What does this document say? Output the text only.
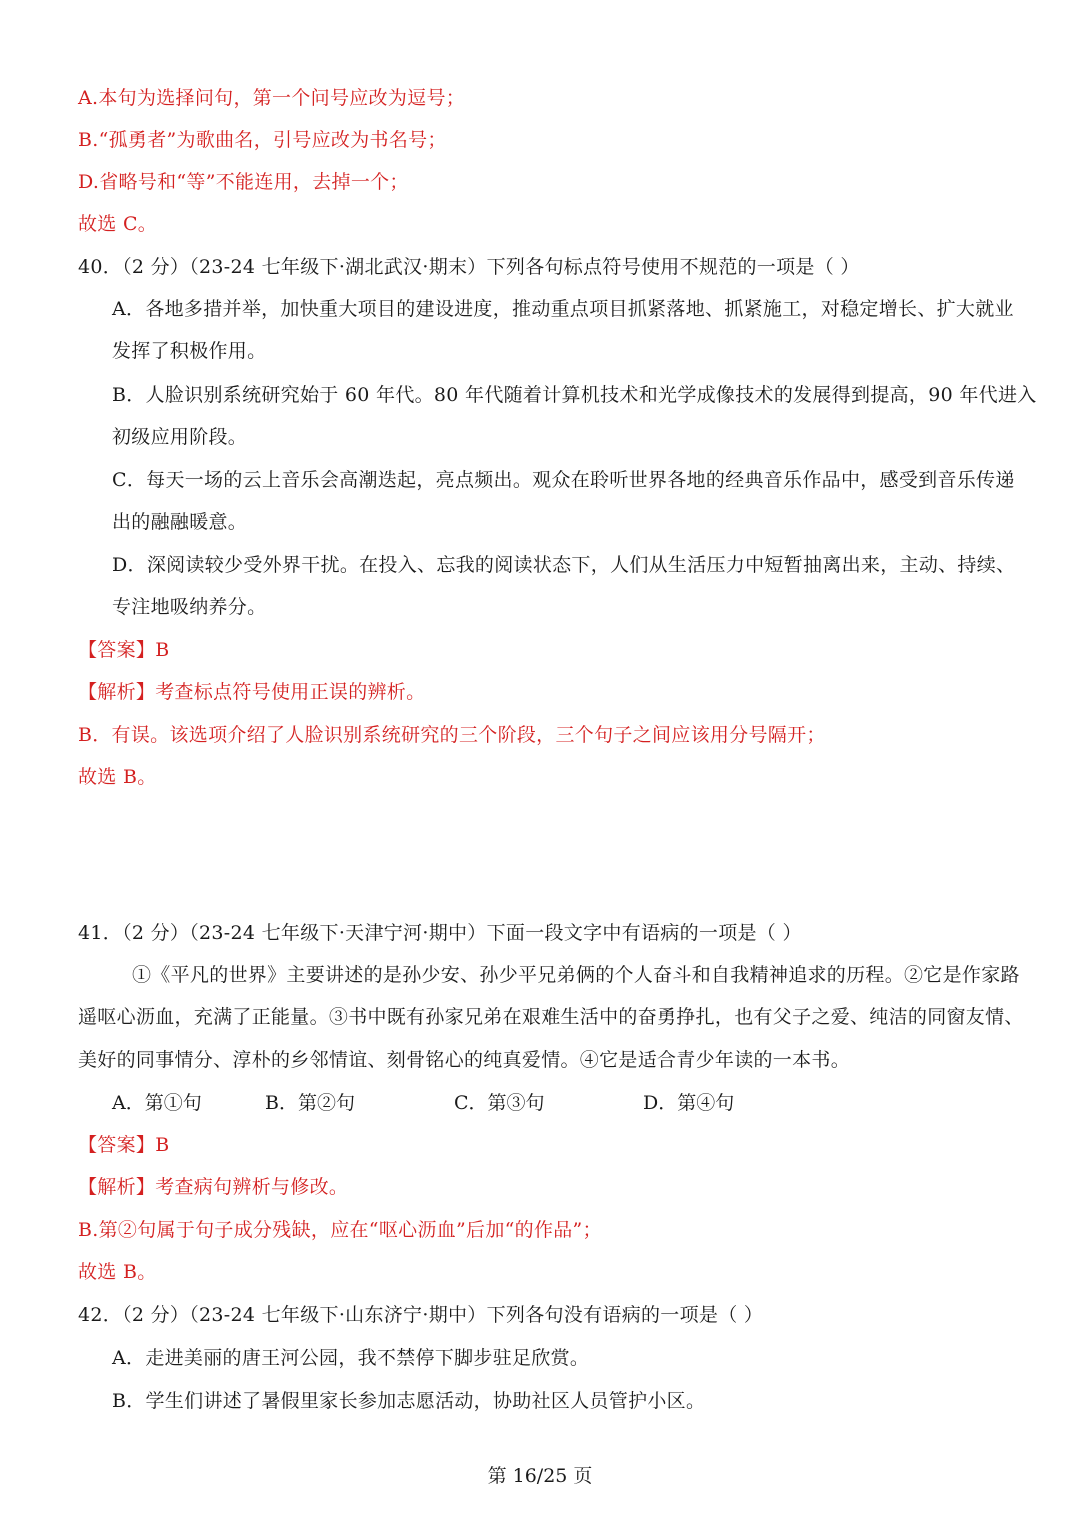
A.本句为选择问句，第一个问号应改为逗号；
B.“孤勇者”为歌曲名，引号应改为书名号；
D.省略号和“等”不能连用，去掉一个；
故选 C。
40．（2 分）（23-24 七年级下·湖北武汉·期末）下列各句标点符号使用不规范的一项是（ ）
A．各地多措并举，加快重大项目的建设进度，推动重点项目抓紧落地、抓紧施工，对稳定增长、扩大就业
发挥了积极作用。
B．人脸识别系统研究始于 60 年代。80 年代随着计算机技术和光学成像技术的发展得到提高，90 年代进入
初级应用阶段。
C．每天一场的云上音乐会高潮迭起，亮点频出。观众在聆听世界各地的经典音乐作品中，感受到音乐传递
出的融融暖意。
D．深阅读较少受外界干扰。在投入、忘我的阅读状态下，人们从生活压力中短暂抽离出来，主动、持续、
专注地吸纳养分。
【答案】B
【解析】考查标点符号使用正误的辨析。
B．有误。该选项介绍了人脸识别系统研究的三个阶段，三个句子之间应该用分号隔开；
故选 B。
41．（2 分）（23-24 七年级下·天津宁河·期中）下面一段文字中有语病的一项是（ ）
①《平凡的世界》主要讲述的是孙少安、孙少平兄弟俩的个人奋斗和自我精神追求的历程。②它是作家路
遥呕心沥血，充满了正能量。③书中既有孙家兄弟在艰难生活中的奋勇挣扎，也有父子之爱、纯洁的同窗友情、
美好的同事情分、淳朴的乡邻情谊、刻骨铭心的纯真爱情。④它是适合青少年读的一本书。
A．第①句	B．第②句	C．第③句	D．第④句
【答案】B
【解析】考查病句辨析与修改。
B.第②句属于句子成分残缺，应在“呕心沥血”后加“的作品”；
故选 B。
42．（2 分）（23-24 七年级下·山东济宁·期中）下列各句没有语病的一项是（ ）
A．走进美丽的唐王河公园，我不禁停下脚步驻足欣赏。
B．学生们讲述了暑假里家长参加志愿活动，协助社区人员管护小区。
第 16/25 页
